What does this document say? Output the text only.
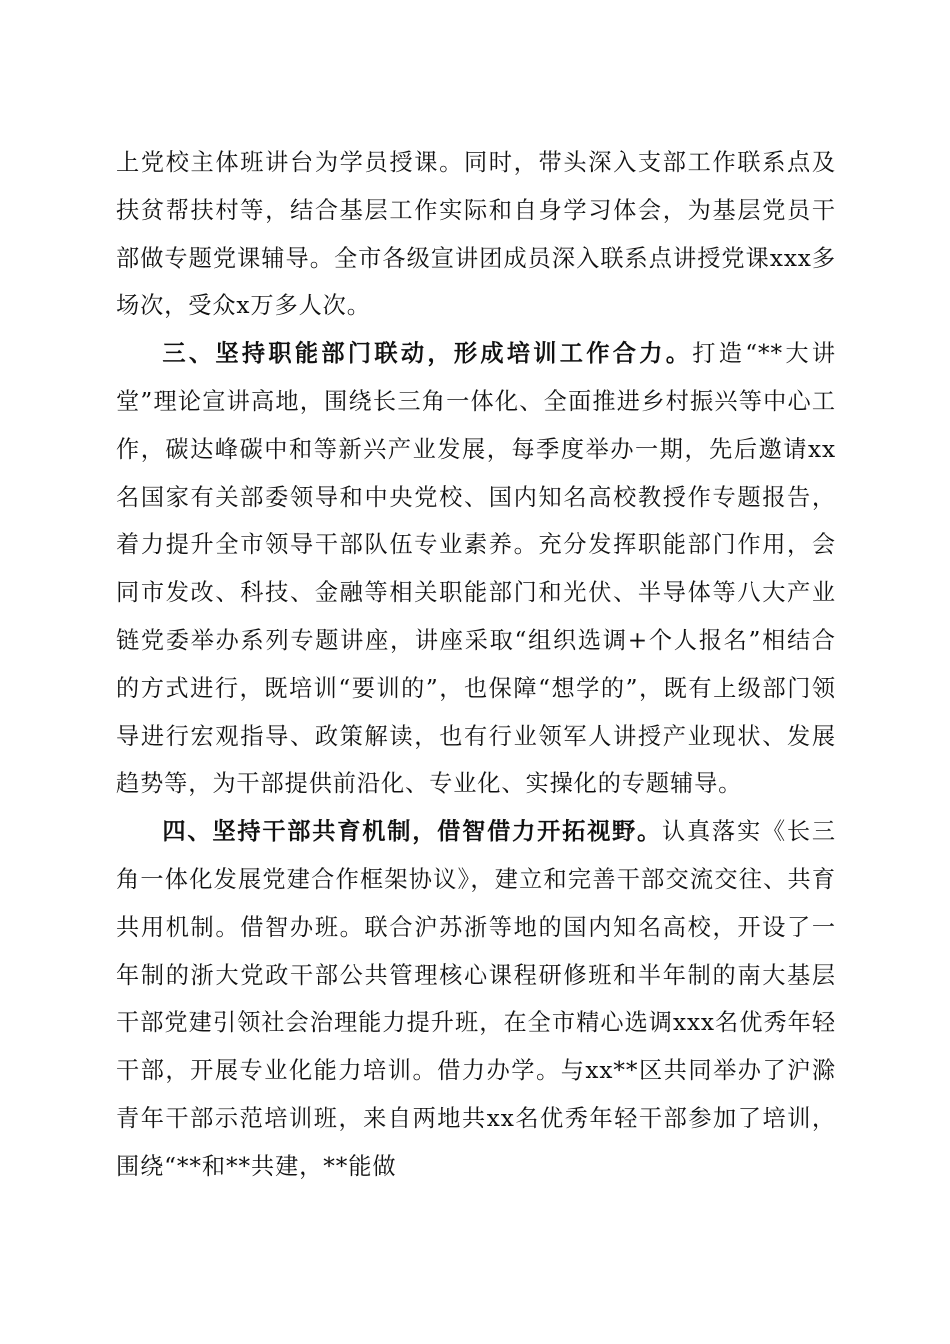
上党校主体班讲台为学员授课。同时，带头深入支部工作联系点及扶贫帮扶村等，结合基层工作实际和自身学习体会，为基层党员干部做专题党课辅导。全市各级宣讲团成员深入联系点讲授党课xxx多场次，受众x万多人次。

三、坚持职能部门联动，形成培训工作合力。打造“**大讲堂”理论宣讲高地，围绕长三角一体化、全面推进乡村振兴等中心工作，碳达峰碳中和等新兴产业发展，每季度举办一期，先后邀请xx名国家有关部委领导和中央党校、国内知名高校教授作专题报告，着力提升全市领导干部队伍专业素养。充分发挥职能部门作用，会同市发改、科技、金融等相关职能部门和光伏、半导体等八大产业链党委举办系列专题讲座，讲座采取“组织选调+个人报名”相结合的方式进行，既培训“要训的”，也保障“想学的”，既有上级部门领导进行宏观指导、政策解读，也有行业领军人讲授产业现状、发展趋势等，为干部提供前沿化、专业化、实操化的专题辅导。

四、坚持干部共育机制，借智借力开拓视野。认真落实《长三角一体化发展党建合作框架协议》，建立和完善干部交流交往、共育共用机制。借智办班。联合沪苏浙等地的国内知名高校，开设了一年制的浙大党政干部公共管理核心课程研修班和半年制的南大基层干部党建引领社会治理能力提升班，在全市精心选调xxx名优秀年轻干部，开展专业化能力培训。借力办学。与xx**区共同举办了沪滁青年干部示范培训班，来自两地共xx名优秀年轻干部参加了培训，围绕“**和**共建，**能做
